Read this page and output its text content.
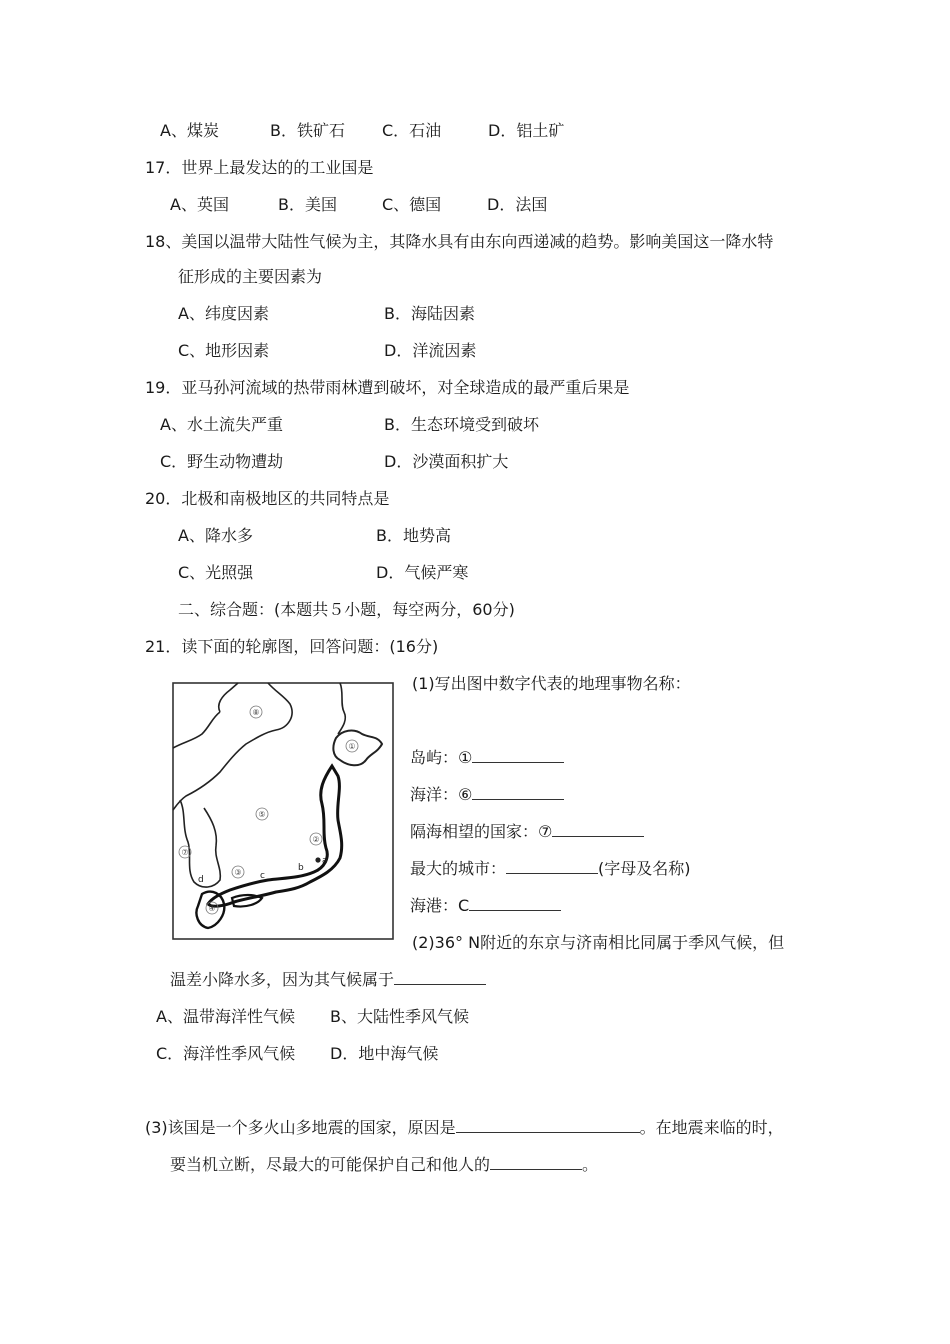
A、煤炭	B．铁矿石 C．石油	D．铝土矿
17．世界上最发达的的工业国是
A、英国	B．美国	C、德国	D．法国
18、美国以温带大陆性气候为主，其降水具有由东向西递减的趋势。影响美国这一降水特
征形成的主要因素为
A、纬度因素	B．海陆因素
C、地形因素	D．洋流因素
19．亚马孙河流域的热带雨林遭到破坏，对全球造成的最严重后果是
A、水土流失严重	B．生态环境受到破坏
C．野生动物遭劫	D．沙漠面积扩大
20．北极和南极地区的共同特点是
A、降水多	B．地势高
C、光照强	D．气候严寒
二、综合题：(本题共５小题，每空两分，60分)
21．读下面的轮廓图，回答问题：(16分)
⑧
①
⑤
②
⑦
③
④
a
b
c
d
(1)写出图中数字代表的地理事物名称：
岛屿：①
海洋：⑥
隔海相望的国家：⑦
最大的城市：	(字母及名称)
海港：C
(2)36° N附近的东京与济南相比同属于季风气候，但
温差小降水多，因为其气候属于
A、温带海洋性气候 B、大陆性季风气候
C．海洋性季风气候 D．地中海气候
(3)该国是一个多火山多地震的国家，原因是	。在地震来临的时，
要当机立断，尽最大的可能保护自己和他人的	。
